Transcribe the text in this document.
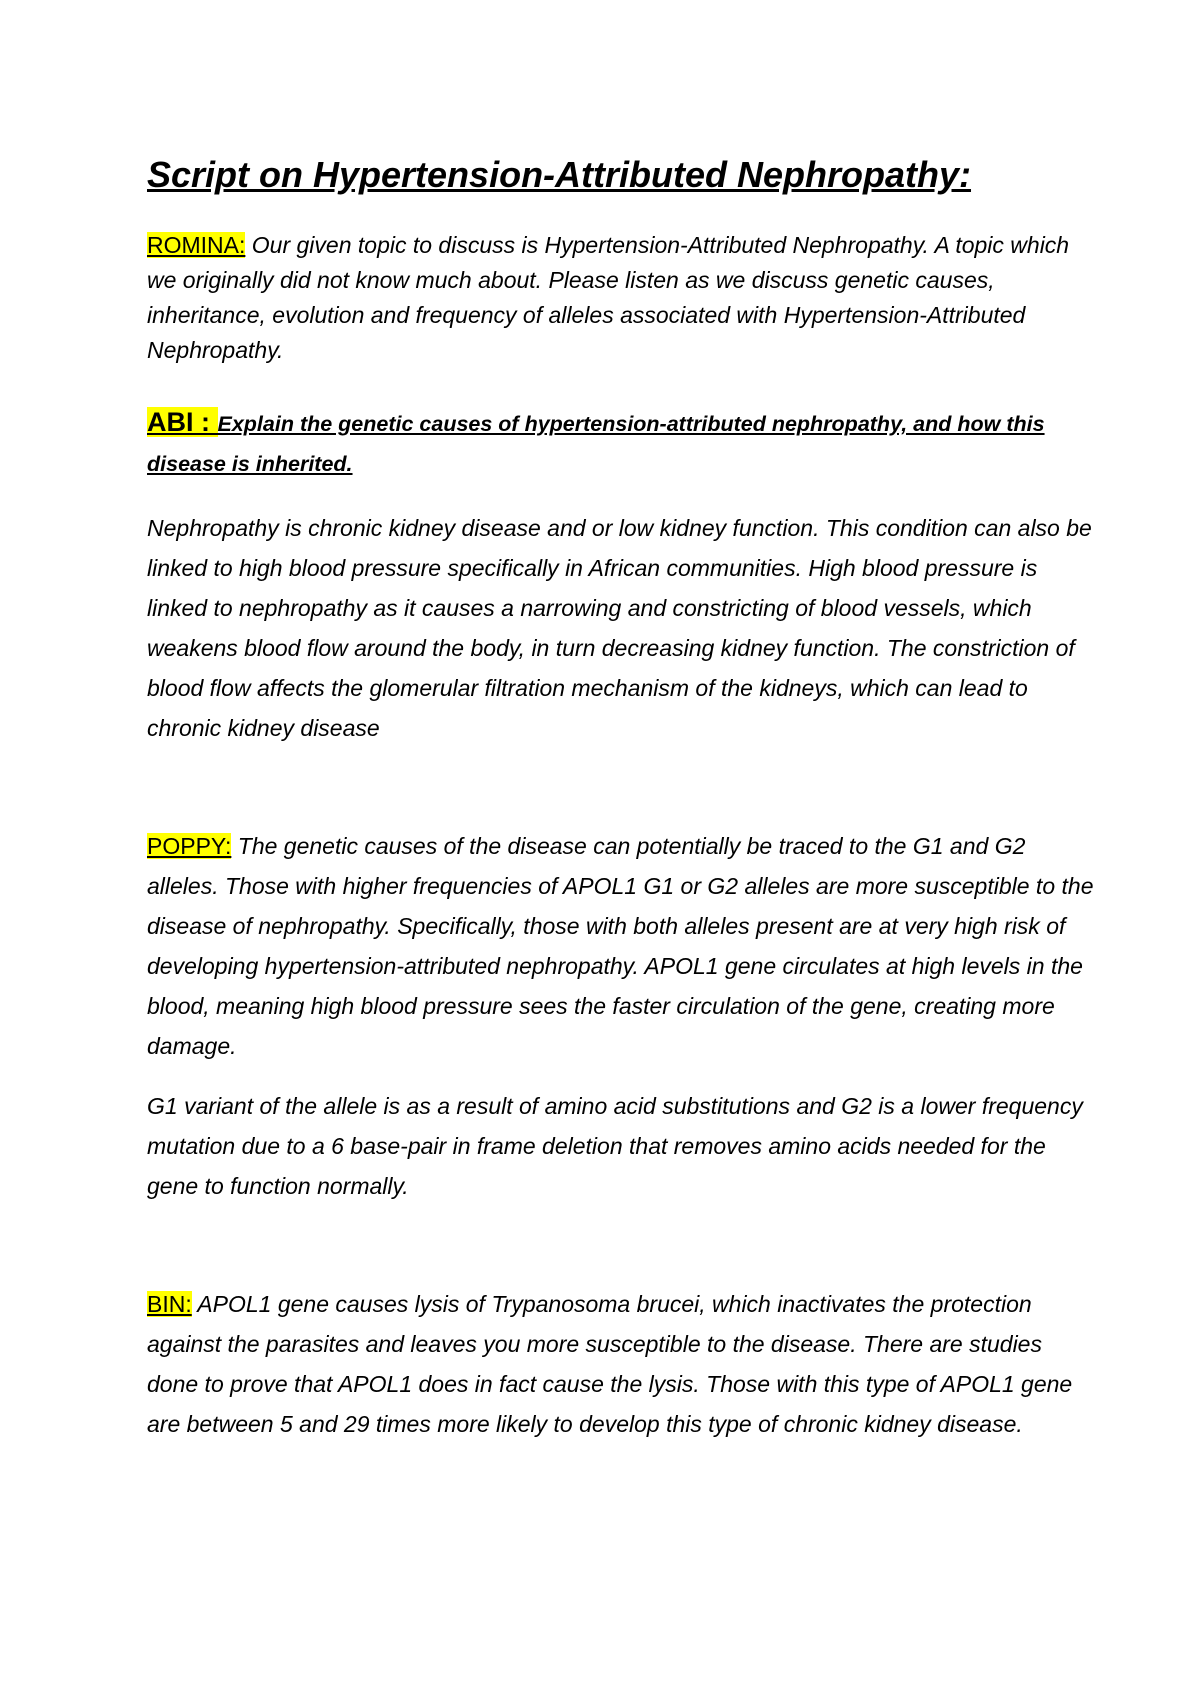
Script on Hypertension-Attributed Nephropathy:

ROMINA: Our given topic to discuss is Hypertension-Attributed Nephropathy. A topic which we originally did not know much about. Please listen as we discuss genetic causes, inheritance, evolution and frequency of alleles associated with Hypertension-Attributed Nephropathy.

ABI : Explain the genetic causes of hypertension-attributed nephropathy, and how this disease is inherited.

Nephropathy is chronic kidney disease and or low kidney function. This condition can also be linked to high blood pressure specifically in African communities. High blood pressure is linked to nephropathy as it causes a narrowing and constricting of blood vessels, which weakens blood flow around the body, in turn decreasing kidney function. The constriction of blood flow affects the glomerular filtration mechanism of the kidneys, which can lead to chronic kidney disease

POPPY: The genetic causes of the disease can potentially be traced to the G1 and G2 alleles. Those with higher frequencies of APOL1 G1 or G2 alleles are more susceptible to the disease of nephropathy. Specifically, those with both alleles present are at very high risk of developing hypertension-attributed nephropathy. APOL1 gene circulates at high levels in the blood, meaning high blood pressure sees the faster circulation of the gene, creating more damage.

G1 variant of the allele is as a result of amino acid substitutions and G2 is a lower frequency mutation due to a 6 base-pair in frame deletion that removes amino acids needed for the gene to function normally.

BIN: APOL1 gene causes lysis of Trypanosoma brucei, which inactivates the protection against the parasites and leaves you more susceptible to the disease. There are studies done to prove that APOL1 does in fact cause the lysis. Those with this type of APOL1 gene are between 5 and 29 times more likely to develop this type of chronic kidney disease.
